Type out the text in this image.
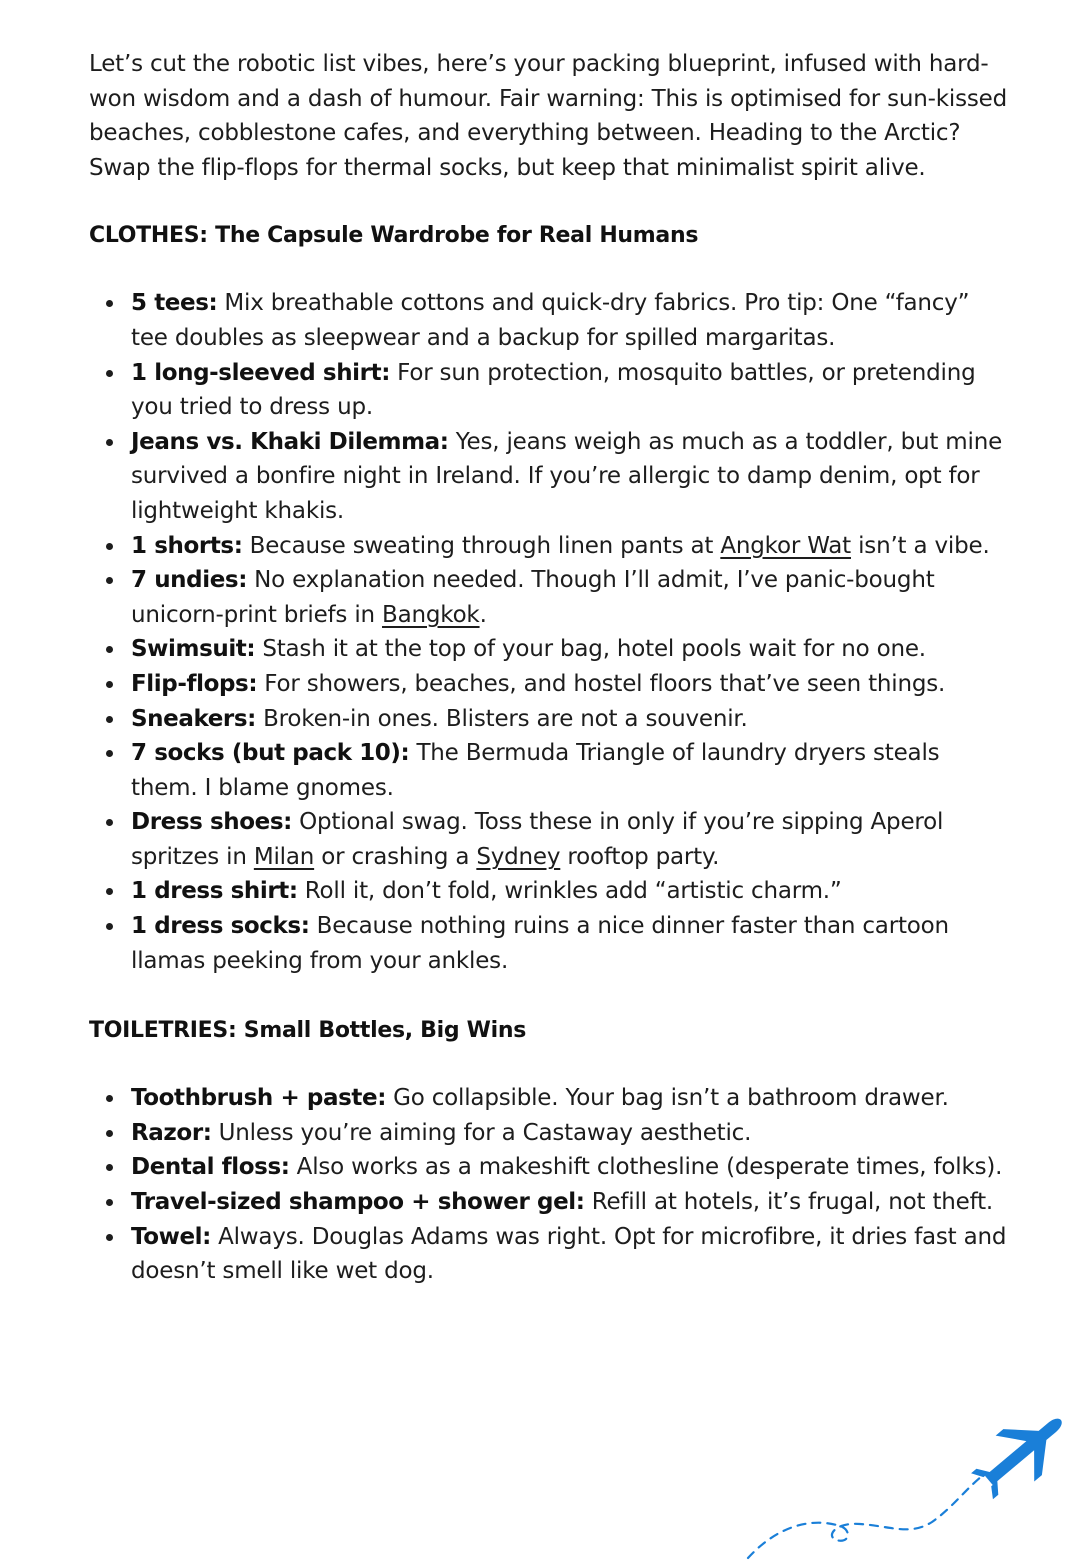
Let’s cut the robotic list vibes, here’s your packing blueprint, infused with hard-won wisdom and a dash of humour. Fair warning: This is optimised for sun-kissed beaches, cobblestone cafes, and everything between. Heading to the Arctic? Swap the flip-flops for thermal socks, but keep that minimalist spirit alive.

CLOTHES: The Capsule Wardrobe for Real Humans
5 tees: Mix breathable cottons and quick-dry fabrics. Pro tip: One “fancy” tee doubles as sleepwear and a backup for spilled margaritas.
1 long-sleeved shirt: For sun protection, mosquito battles, or pretending you tried to dress up.
Jeans vs. Khaki Dilemma: Yes, jeans weigh as much as a toddler, but mine survived a bonfire night in Ireland. If you’re allergic to damp denim, opt for lightweight khakis.
1 shorts: Because sweating through linen pants at Angkor Wat isn’t a vibe.
7 undies: No explanation needed. Though I’ll admit, I’ve panic-bought unicorn-print briefs in Bangkok.
Swimsuit: Stash it at the top of your bag, hotel pools wait for no one.
Flip-flops: For showers, beaches, and hostel floors that’ve seen things.
Sneakers: Broken-in ones. Blisters are not a souvenir.
7 socks (but pack 10): The Bermuda Triangle of laundry dryers steals them. I blame gnomes.
Dress shoes: Optional swag. Toss these in only if you’re sipping Aperol spritzes in Milan or crashing a Sydney rooftop party.
1 dress shirt: Roll it, don’t fold, wrinkles add “artistic charm.”
1 dress socks: Because nothing ruins a nice dinner faster than cartoon llamas peeking from your ankles.
TOILETRIES: Small Bottles, Big Wins
Toothbrush + paste: Go collapsible. Your bag isn’t a bathroom drawer.
Razor: Unless you’re aiming for a Castaway aesthetic.
Dental floss: Also works as a makeshift clothesline (desperate times, folks).
Travel-sized shampoo + shower gel: Refill at hotels, it’s frugal, not theft.
Towel: Always. Douglas Adams was right. Opt for microfibre, it dries fast and doesn’t smell like wet dog.
